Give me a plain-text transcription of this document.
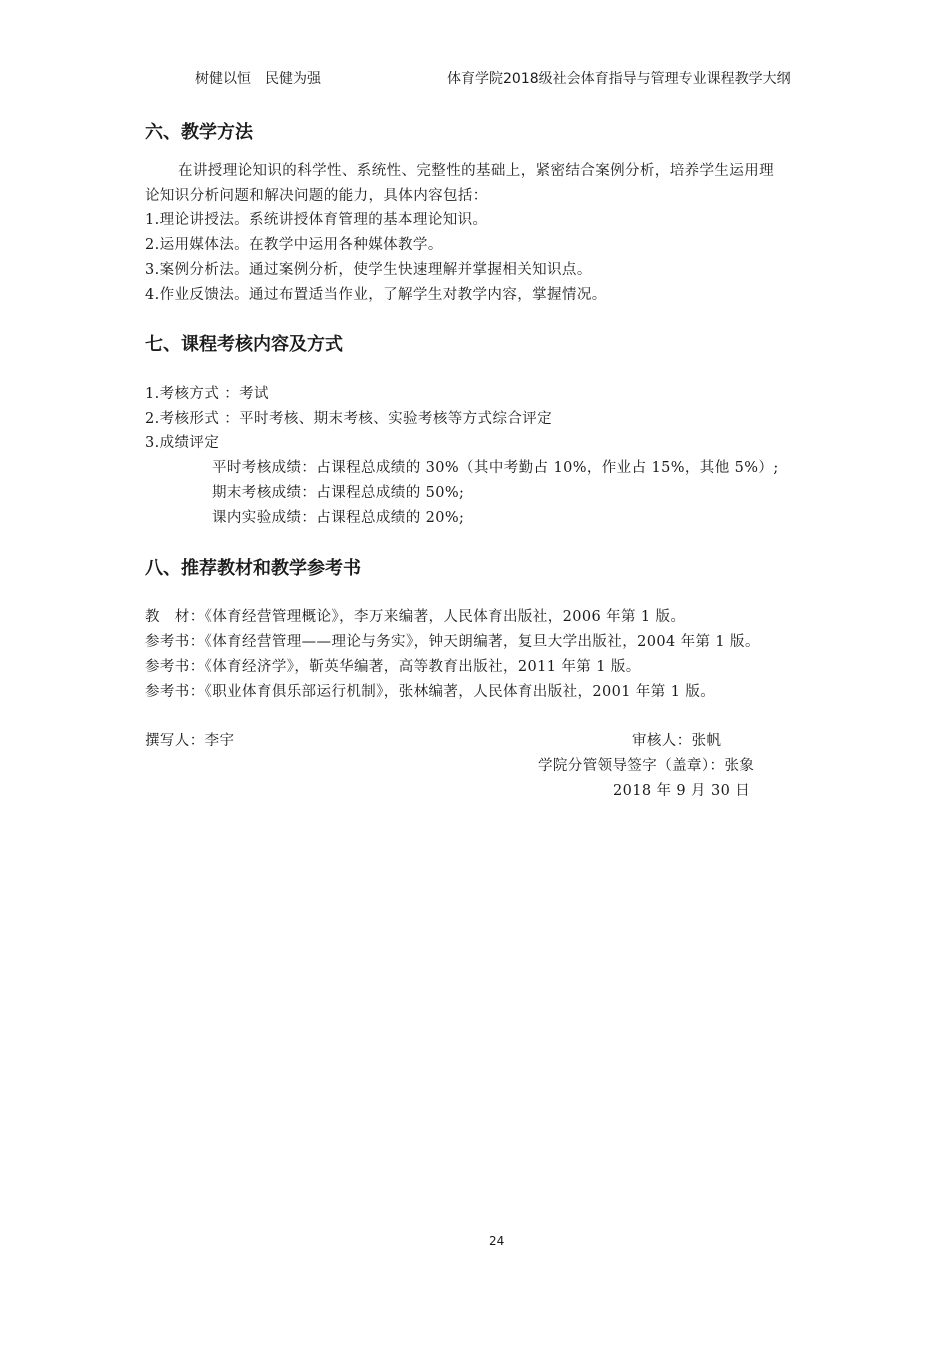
树健以恒　民健为强	体育学院2018级社会体育指导与管理专业课程教学大纲
六、教学方法
在讲授理论知识的科学性、系统性、完整性的基础上，紧密结合案例分析，培养学生运用理
论知识分析问题和解决问题的能力，具体内容包括：
1.理论讲授法。系统讲授体育管理的基本理论知识。
2.运用媒体法。在教学中运用各种媒体教学。
3.案例分析法。通过案例分析，使学生快速理解并掌握相关知识点。
4.作业反馈法。通过布置适当作业，了解学生对教学内容，掌握情况。
七、课程考核内容及方式
1.考核方式 ：考试
2.考核形式 ：平时考核、期末考核、实验考核等方式综合评定
3.成绩评定
平时考核成绩：占课程总成绩的 30%（其中考勤占 10%，作业占 15%，其他 5%）;
期末考核成绩：占课程总成绩的 50%;
课内实验成绩：占课程总成绩的 20%;
八、推荐教材和教学参考书
教　材：《体育经营管理概论》，李万来编著，人民体育出版社，2006 年第 1 版。
参考书：《体育经营管理——理论与务实》，钟天朗编著，复旦大学出版社，2004 年第 1 版。
参考书：《体育经济学》，靳英华编著，高等教育出版社，2011 年第 1 版。
参考书：《职业体育俱乐部运行机制》，张林编著，人民体育出版社，2001 年第 1 版。
撰写人：李宇	审核人：张帆
学院分管领导签字（盖章）：张象
2018 年 9 月 30 日
24
